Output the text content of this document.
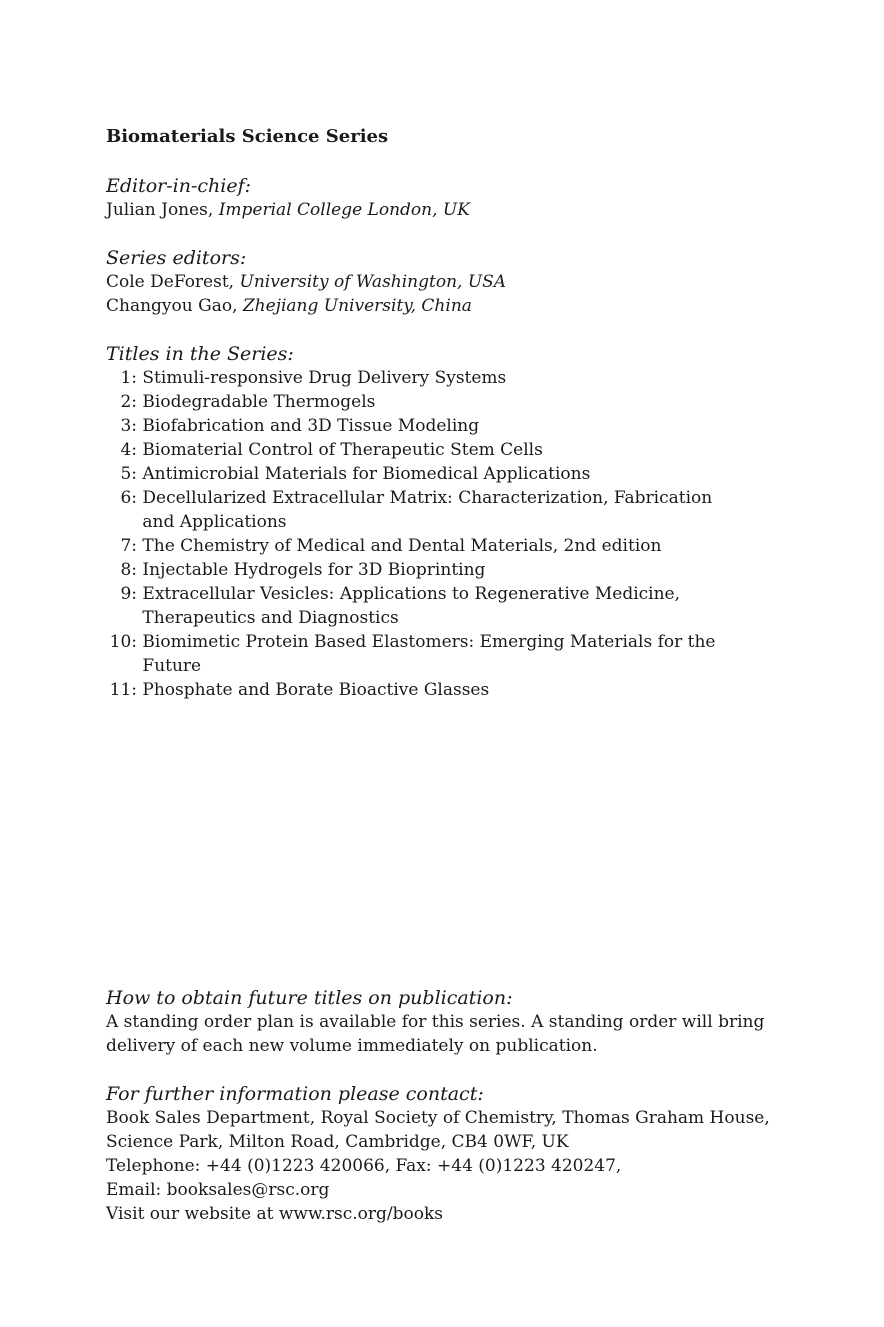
Biomaterials Science Series

Editor-in-chief:

Julian Jones, Imperial College London, UK

Series editors:

Cole DeForest, University of Washington, USA

Changyou Gao, Zhejiang University, China

Titles in the Series:

1:
Stimuli-responsive Drug Delivery Systems
2:
Biodegradable Thermogels
3:
Biofabrication and 3D Tissue Modeling
4:
Biomaterial Control of Therapeutic Stem Cells
5:
Antimicrobial Materials for Biomedical Applications
6:
Decellularized Extracellular Matrix: Characterization, Fabrication and Applications
7:
The Chemistry of Medical and Dental Materials, 2nd edition
8:
Injectable Hydrogels for 3D Bioprinting
9:
Extracellular Vesicles: Applications to Regenerative Medicine, Therapeutics and Diagnostics
10:
Biomimetic Protein Based Elastomers: Emerging Materials for the Future
11:
Phosphate and Borate Bioactive Glasses

How to obtain future titles on publication:

A standing order plan is available for this series. A standing order will bring delivery of each new volume immediately on publication.

For further information please contact:

Book Sales Department, Royal Society of Chemistry, Thomas Graham House,

Science Park, Milton Road, Cambridge, CB4 0WF, UK

Telephone: +44 (0)1223 420066, Fax: +44 (0)1223 420247,

Email: booksales@rsc.org

Visit our website at www.rsc.org/books
